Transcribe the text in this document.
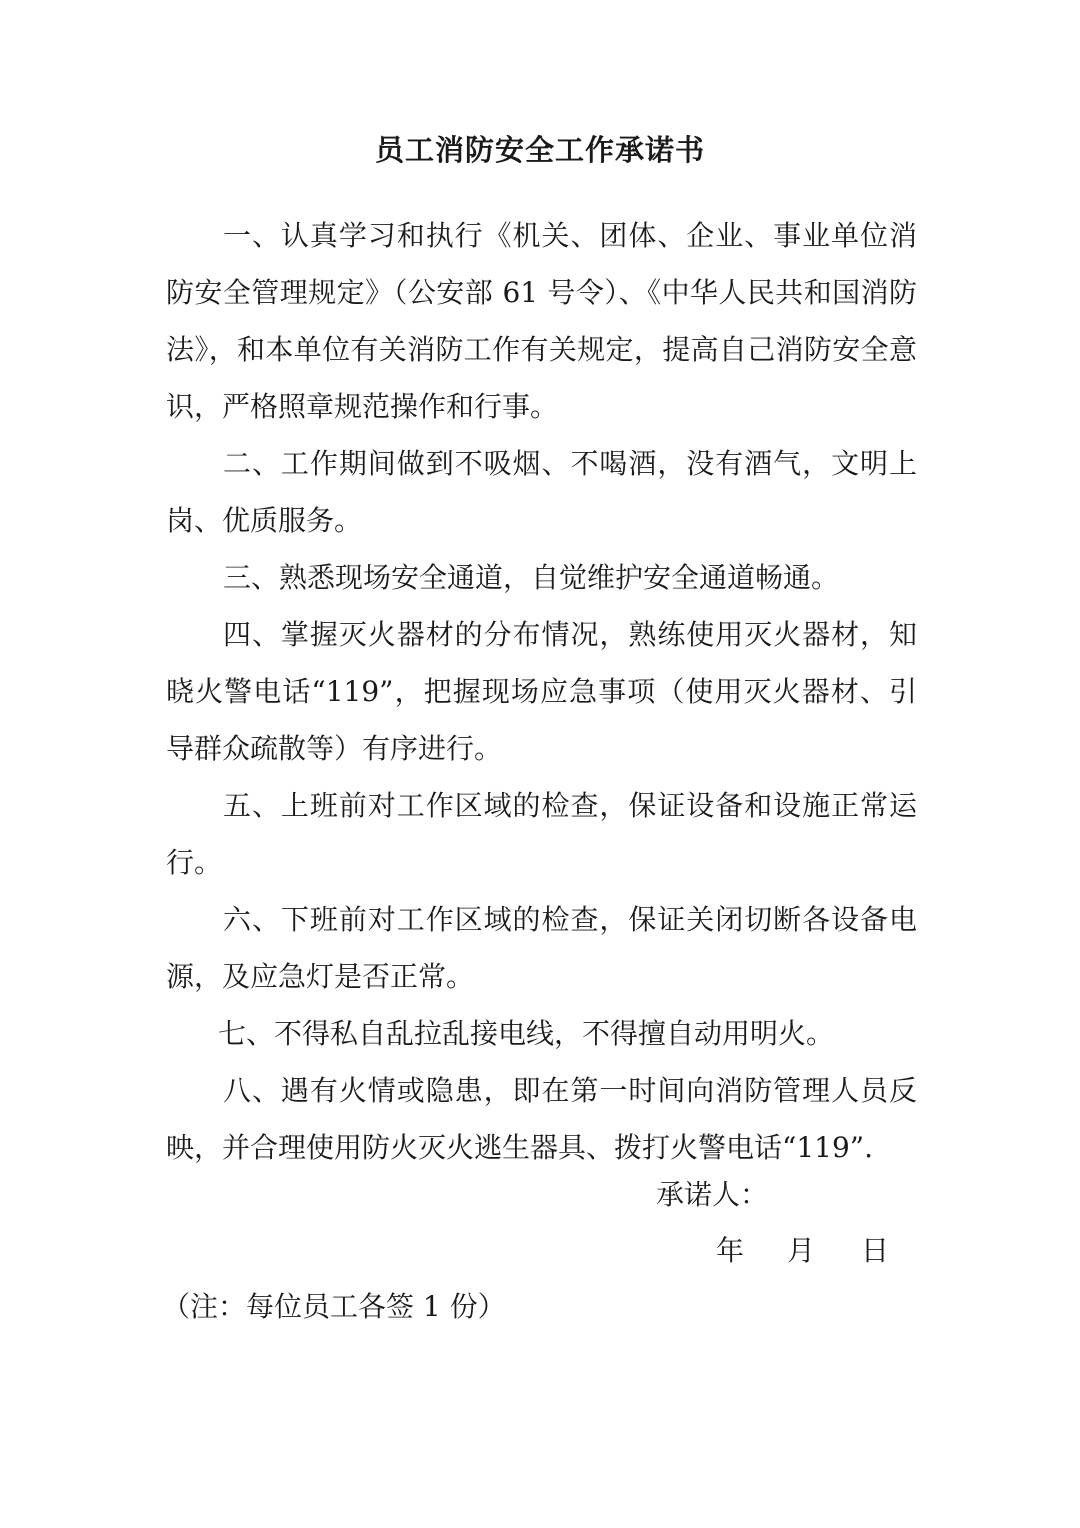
员工消防安全工作承诺书

一、认真学习和执行《机关、团体、企业、事业单位消防安全管理规定》（公安部 61 号令）、《中华人民共和国消防法》，和本单位有关消防工作有关规定，提高自己消防安全意识，严格照章规范操作和行事。

二、工作期间做到不吸烟、不喝酒，没有酒气，文明上岗、优质服务。

三、熟悉现场安全通道，自觉维护安全通道畅通。

四、掌握灭火器材的分布情况，熟练使用灭火器材，知晓火警电话“119”，把握现场应急事项（使用灭火器材、引导群众疏散等）有序进行。

五、上班前对工作区域的检查，保证设备和设施正常运行。

六、下班前对工作区域的检查，保证关闭切断各设备电源，及应急灯是否正常。

七、不得私自乱拉乱接电线，不得擅自动用明火。

八、遇有火情或隐患，即在第一时间向消防管理人员反映，并合理使用防火灭火逃生器具、拨打火警电话“119”.

承诺人：
年 月 日
（注：每位员工各签 1 份）
